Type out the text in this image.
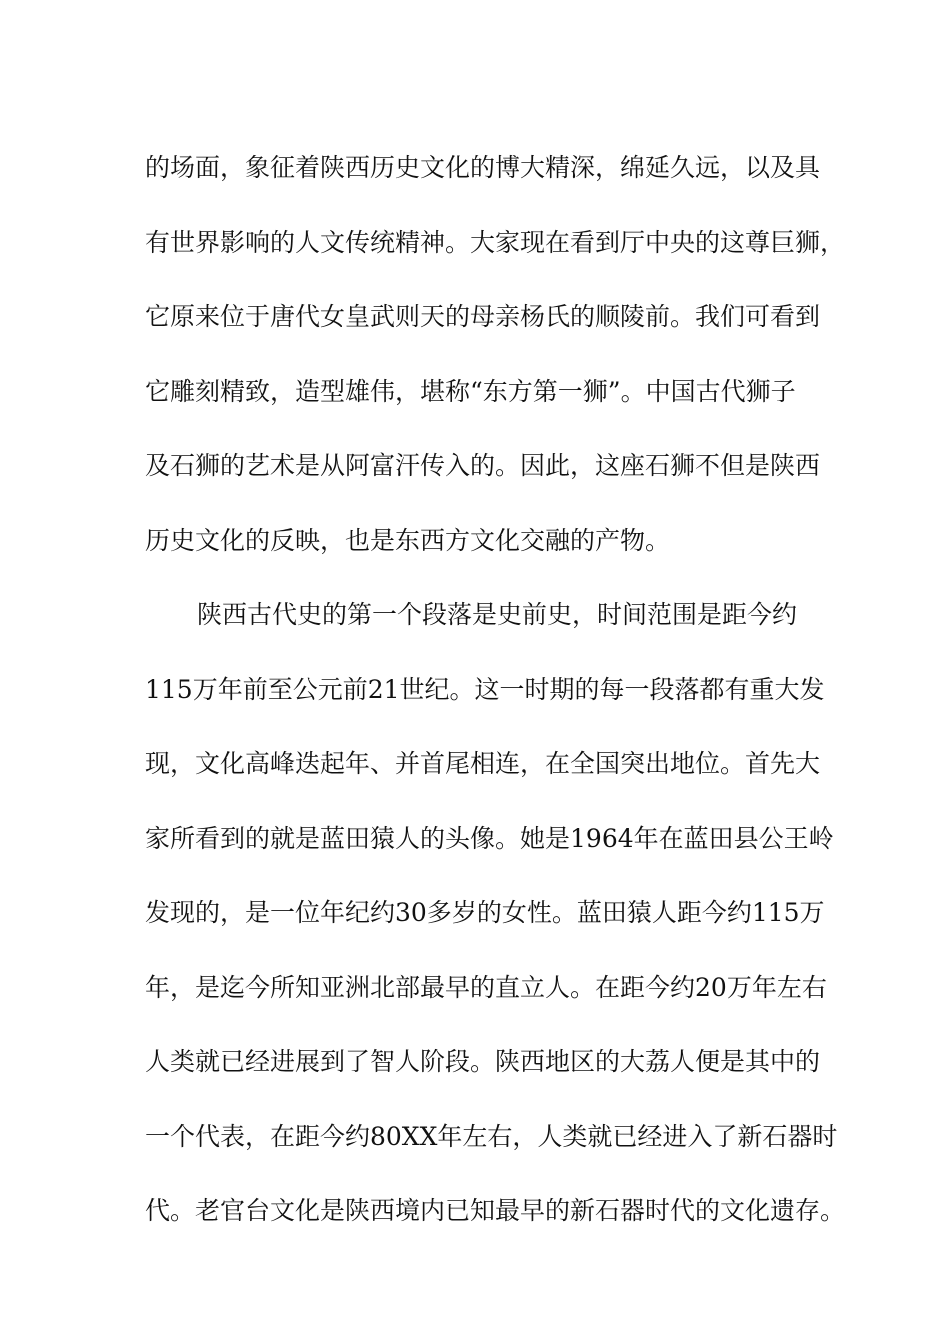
的场面，象征着陕西历史文化的博大精深，绵延久远，以及具
有世界影响的人文传统精神。大家现在看到厅中央的这尊巨狮，
它原来位于唐代女皇武则天的母亲杨氏的顺陵前。我们可看到
它雕刻精致，造型雄伟，堪称“东方第一狮”。中国古代狮子
及石狮的艺术是从阿富汗传入的。因此，这座石狮不但是陕西
历史文化的反映，也是东西方文化交融的产物。
陕西古代史的第一个段落是史前史，时间范围是距今约
115万年前至公元前21世纪。这一时期的每一段落都有重大发
现，文化高峰迭起年、并首尾相连，在全国突出地位。首先大
家所看到的就是蓝田猿人的头像。她是1964年在蓝田县公王岭
发现的，是一位年纪约30多岁的女性。蓝田猿人距今约115万
年，是迄今所知亚洲北部最早的直立人。在距今约20万年左右
人类就已经进展到了智人阶段。陕西地区的大荔人便是其中的
一个代表，在距今约80XX年左右，人类就已经进入了新石器时
代。老官台文化是陕西境内已知最早的新石器时代的文化遗存。
